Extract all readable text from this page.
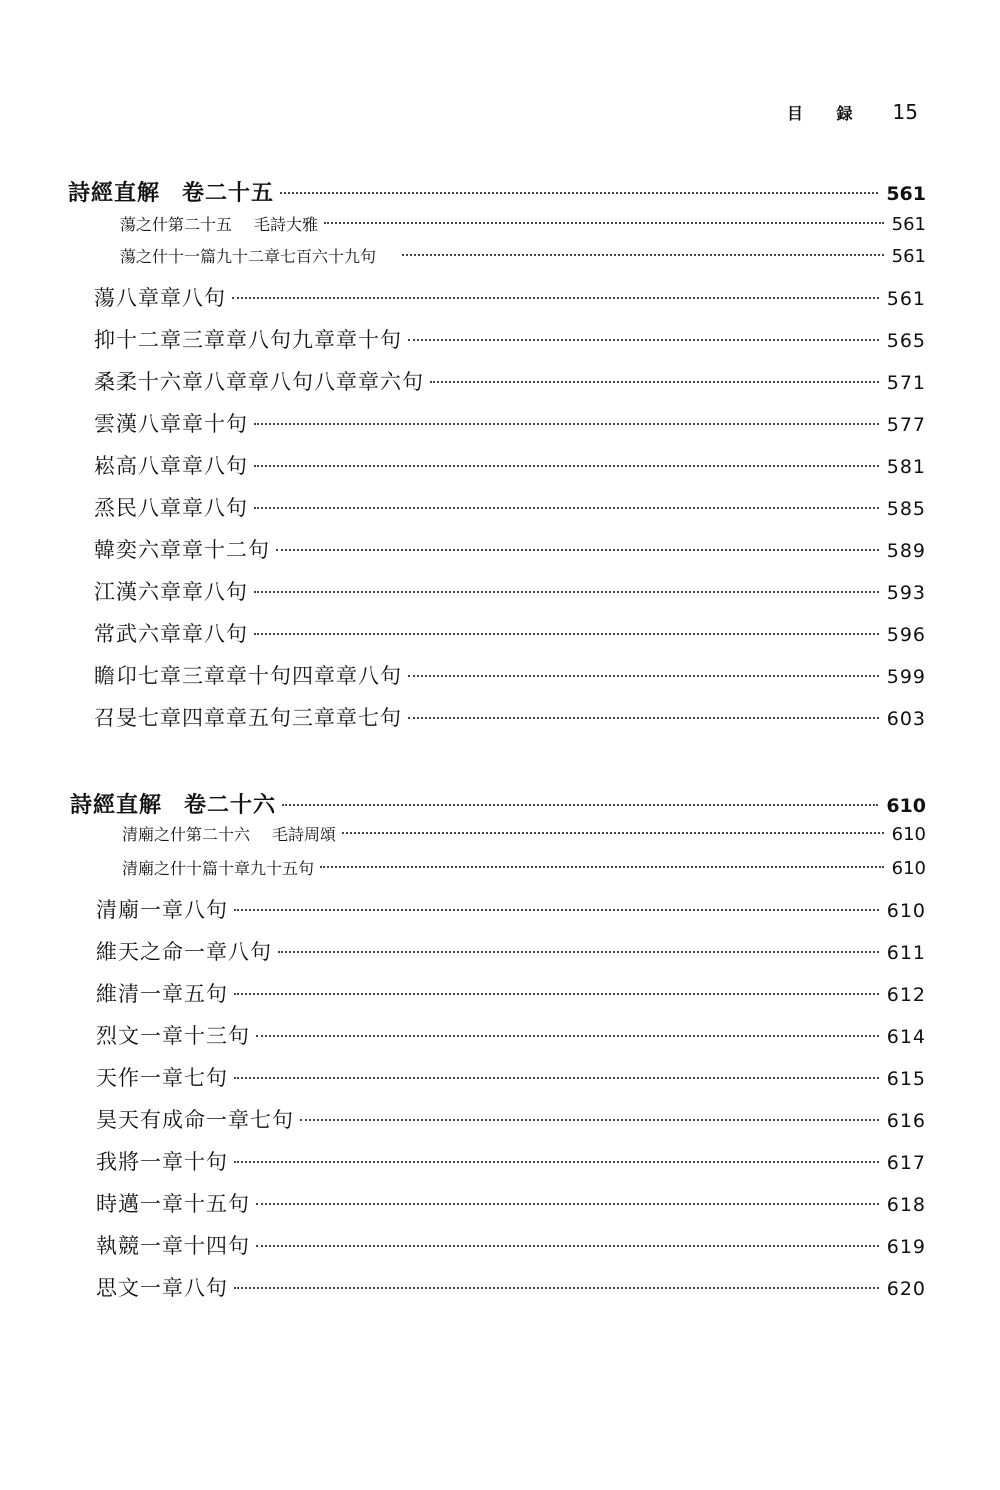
目 録 15
詩經直解 卷二十五	561
蕩之什第二十五 毛詩大雅	561
蕩之什十一篇九十二章七百六十九句	561
蕩八章章八句	561
抑十二章三章章八句九章章十句	565
桑柔十六章八章章八句八章章六句	571
雲漢八章章十句	577
崧高八章章八句	581
烝民八章章八句	585
韓奕六章章十二句	589
江漢六章章八句	593
常武六章章八句	596
瞻卬七章三章章十句四章章八句	599
召旻七章四章章五句三章章七句	603
詩經直解 卷二十六	610
清廟之什第二十六 毛詩周頌	610
清廟之什十篇十章九十五句	610
清廟一章八句	610
維天之命一章八句	611
維清一章五句	612
烈文一章十三句	614
天作一章七句	615
昊天有成命一章七句	616
我將一章十句	617
時邁一章十五句	618
執競一章十四句	619
思文一章八句	620
